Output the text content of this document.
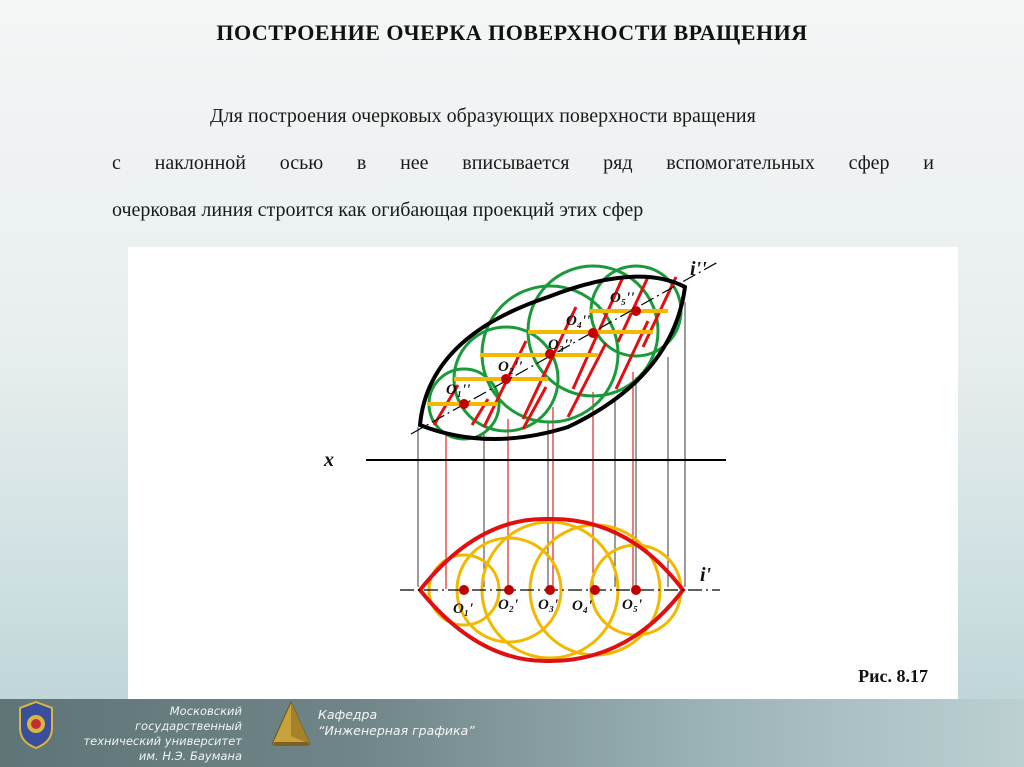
ПОСТРОЕНИЕ ОЧЕРКА ПОВЕРХНОСТИ ВРАЩЕНИЯ
Для построения очерковых образующих поверхности вращения
с наклонной осью в нее вписывается ряд вспомогательных сфер и
очерковая линия строится как огибающая проекций этих сфер
O₁''
O₂''
O₃''
O₄''
O₅''
i''
x
O₁' O₂' O₃' O₄' O₅'
i'
Рис. 8.17
Московский государственный
технический университет
им. Н.Э. Баумана
Кафедра
“Инженерная графика”
